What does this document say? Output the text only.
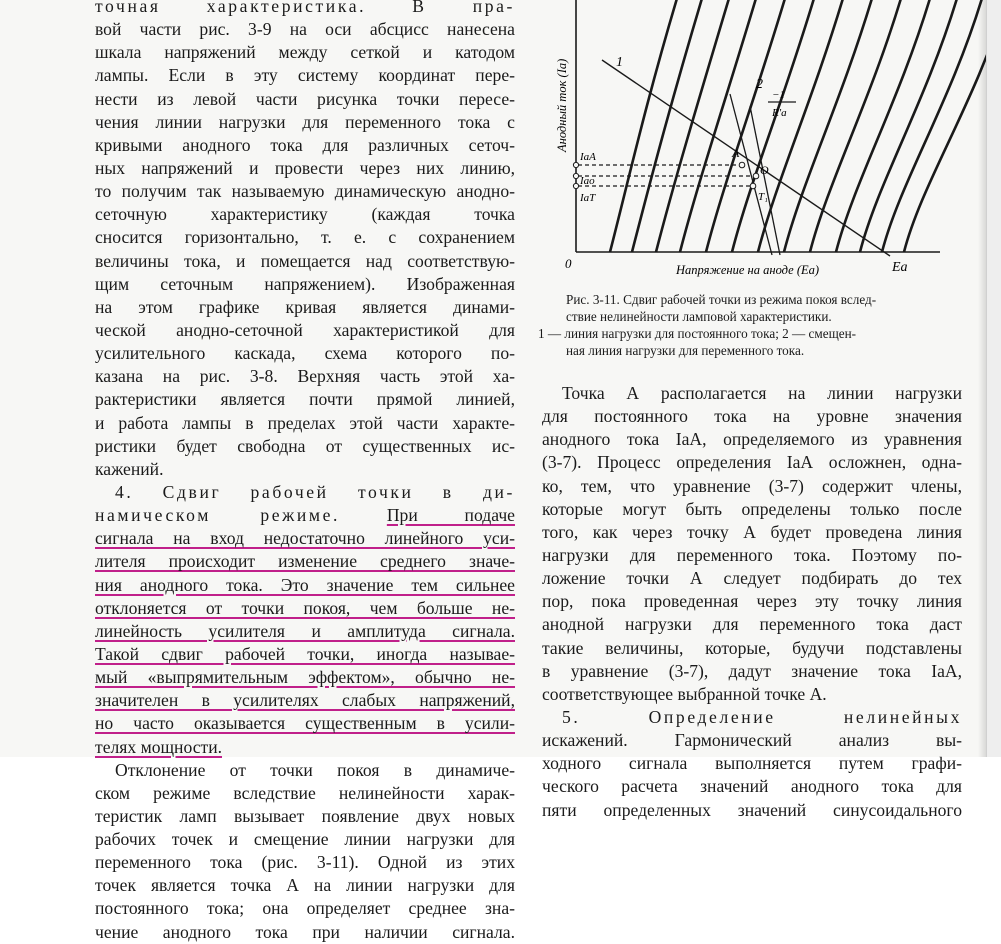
точная характеристика. В пра-
вой части рис. 3-9 на оси абсцисс нанесена
шкала напряжений между сеткой и катодом
лампы. Если в эту систему координат пере-
нести из левой части рисунка точки пересе-
чения линии нагрузки для переменного тока с
кривыми анодного тока для различных сеточ-
ных напряжений и провести через них линию,
то получим так называемую динамическую анодно-
сеточную характеристику (каждая точка
сносится горизонтально, т. е. с сохранением
величины тока, и помещается над соответствую-
щим сеточным напряжением). Изображенная
на этом графике кривая является динами-
ческой анодно-сеточной характеристикой для
усилительного каскада, схема которого по-
казана на рис. 3-8. Верхняя часть этой ха-
рактеристики является почти прямой линией,
и работа лампы в пределах этой части характе-
ристики будет свободна от существенных ис-
кажений.
4. Сдвиг рабочей точки в ди-
намическом режиме.	При подаче
сигнала на вход недостаточно линейного уси-
лителя происходит изменение среднего значе-
ния анодного тока. Это значение тем сильнее
отклоняется от точки покоя, чем больше не-
линейность усилителя и амплитуда сигнала.
Такой сдвиг рабочей точки, иногда называе-
мый «выпрямительным эффектом», обычно не-
значителен в усилителях слабых напряжений,
но часто оказывается существенным в усили-
телях мощности.
Отклонение от точки покоя в динамиче-
ском режиме вследствие нелинейности харак-
теристик ламп вызывает появление двух новых
рабочих точек и смещение линии нагрузки для
переменного тока (рис. 3-11). Одной из этих
точек является точка А на линии нагрузки для
постоянного тока; она определяет среднее зна-
чение анодного тока при наличии сигнала.
Анодный ток (Iа)
Напряжение на аноде (Eа)
0	Eа
1
2
−1
R'а
IаА
Iао
IаТ
А
O
Т₁
Рис. 3-11. Сдвиг рабочей точки из режима покоя вслед-
ствие нелинейности ламповой характеристики.
1 — линия нагрузки для постоянного тока; 2 — смещен-
ная линия нагрузки для переменного тока.
Точка А располагается на линии нагрузки
для постоянного тока на уровне значения
анодного тока IаА, определяемого из уравнения
(3-7). Процесс определения IаА осложнен, одна-
ко, тем, что уравнение (3-7) содержит члены,
которые могут быть определены только после
того, как через точку А будет проведена линия
нагрузки для переменного тока. Поэтому по-
ложение точки А следует подбирать до тех
пор, пока проведенная через эту точку линия
анодной нагрузки для переменного тока даст
такие величины, которые, будучи подставлены
в уравнение (3-7), дадут значение тока IаА,
соответствующее выбранной точке А.
5. Определение нелинейных
искажений. Гармонический анализ вы-
ходного сигнала выполняется путем графи-
ческого расчета значений анодного тока для
пяти определенных значений синусоидального
